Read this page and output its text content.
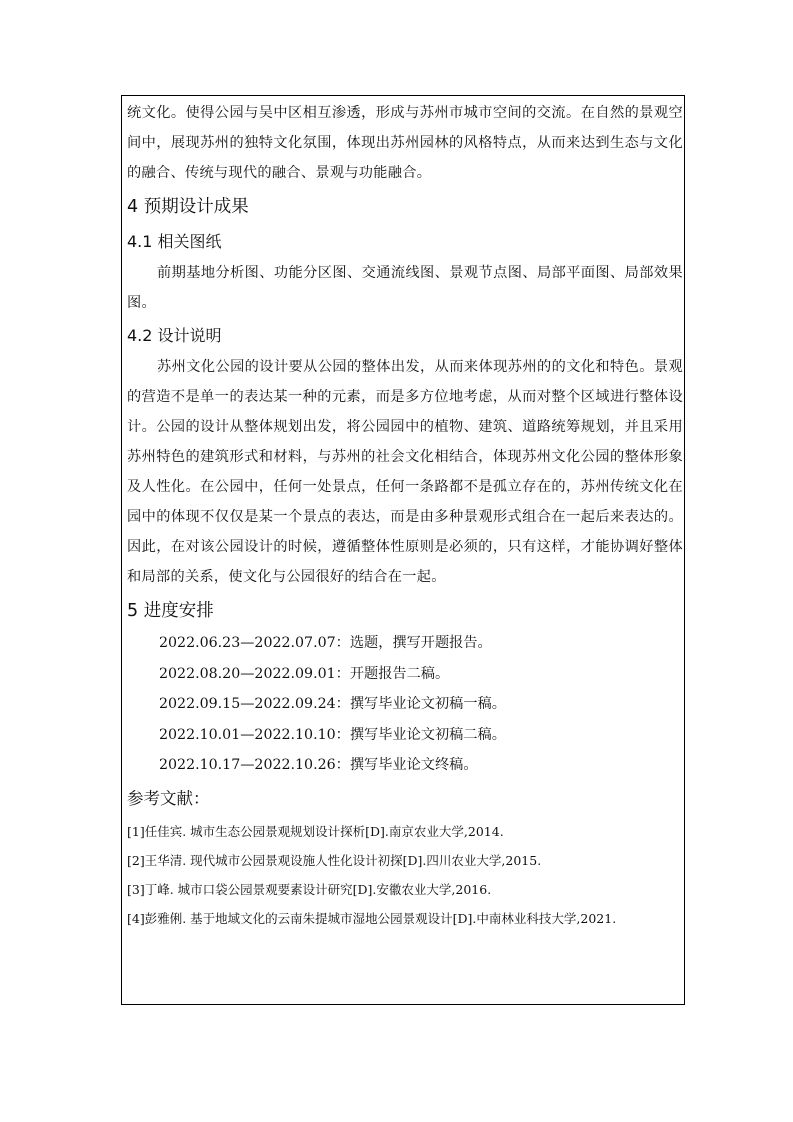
统文化。使得公园与吴中区相互渗透，形成与苏州市城市空间的交流。在自然的景观空间中，展现苏州的独特文化氛围，体现出苏州园林的风格特点，从而来达到生态与文化的融合、传统与现代的融合、景观与功能融合。

4 预期设计成果
4.1 相关图纸

前期基地分析图、功能分区图、交通流线图、景观节点图、局部平面图、局部效果图。

4.2 设计说明

苏州文化公园的设计要从公园的整体出发，从而来体现苏州的的文化和特色。景观的营造不是单一的表达某一种的元素，而是多方位地考虑，从而对整个区域进行整体设计。公园的设计从整体规划出发，将公园园中的植物、建筑、道路统筹规划，并且采用苏州特色的建筑形式和材料，与苏州的社会文化相结合，体现苏州文化公园的整体形象及人性化。在公园中，任何一处景点，任何一条路都不是孤立存在的，苏州传统文化在园中的体现不仅仅是某一个景点的表达，而是由多种景观形式组合在一起后来表达的。因此，在对该公园设计的时候，遵循整体性原则是必须的，只有这样，才能协调好整体和局部的关系，使文化与公园很好的结合在一起。

5 进度安排

2022.06.23—2022.07.07：选题，撰写开题报告。

2022.08.20—2022.09.01：开题报告二稿。

2022.09.15—2022.09.24：撰写毕业论文初稿一稿。

2022.10.01—2022.10.10：撰写毕业论文初稿二稿。

2022.10.17—2022.10.26：撰写毕业论文终稿。

参考文献：

[1]任佳宾. 城市生态公园景观规划设计探析[D].南京农业大学,2014.

[2]王华清. 现代城市公园景观设施人性化设计初探[D].四川农业大学,2015.

[3]丁峰. 城市口袋公园景观要素设计研究[D].安徽农业大学,2016.

[4]彭雅俐. 基于地域文化的云南朱提城市湿地公园景观设计[D].中南林业科技大学,2021.
